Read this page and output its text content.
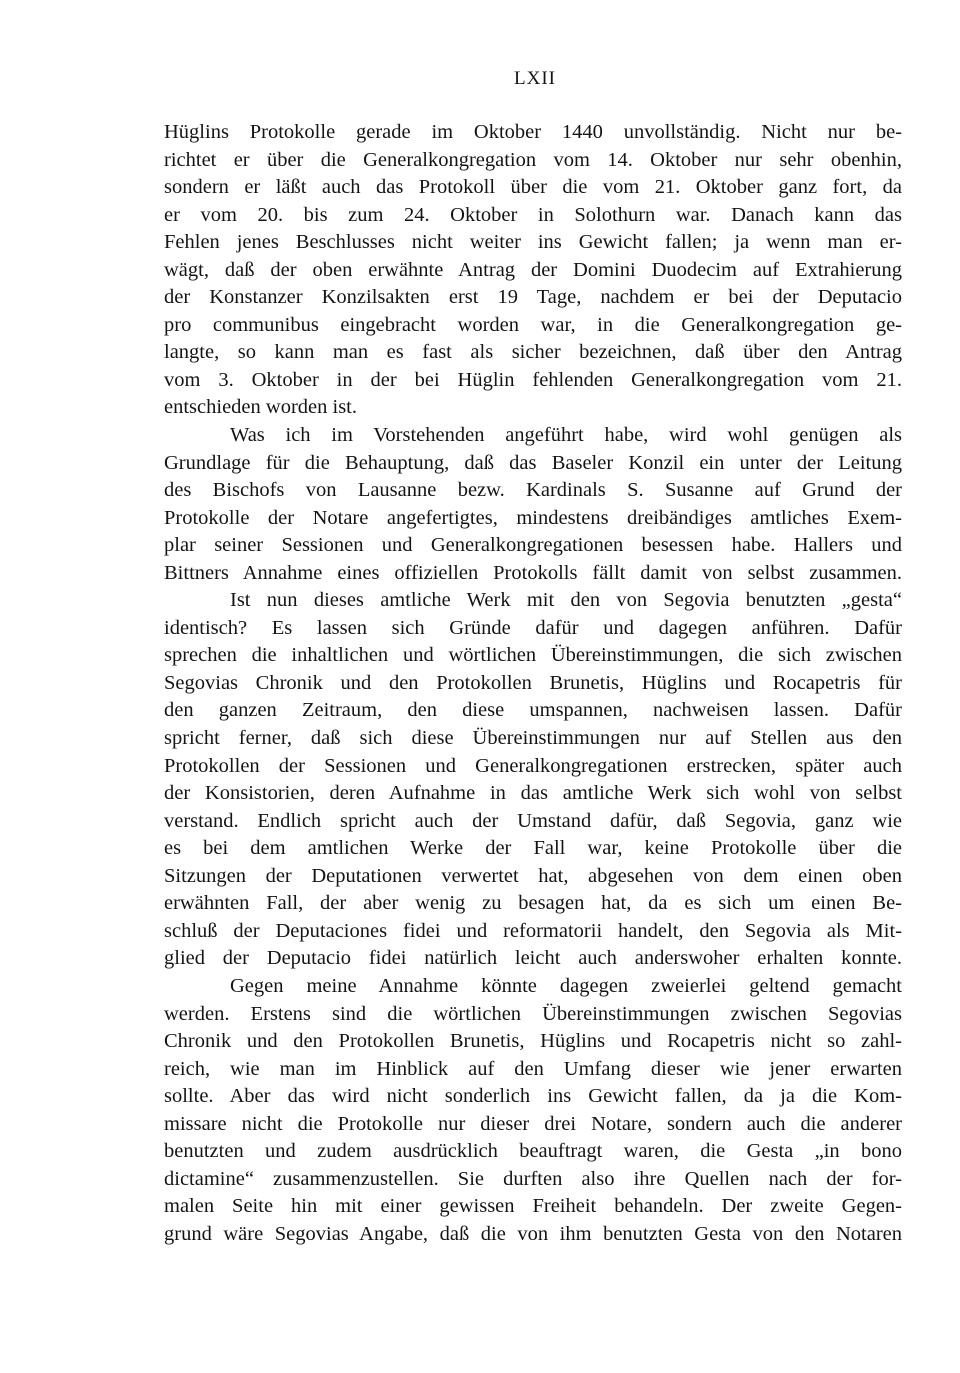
LXII
Hüglins Protokolle gerade im Oktober 1440 unvollständig. Nicht nur be-
richtet er über die Generalkongregation vom 14. Oktober nur sehr obenhin,
sondern er läßt auch das Protokoll über die vom 21. Oktober ganz fort, da
er vom 20. bis zum 24. Oktober in Solothurn war. Danach kann das
Fehlen jenes Beschlusses nicht weiter ins Gewicht fallen; ja wenn man er-
wägt, daß der oben erwähnte Antrag der Domini Duodecim auf Extrahierung
der Konstanzer Konzilsakten erst 19 Tage, nachdem er bei der Deputacio
pro communibus eingebracht worden war, in die Generalkongregation ge-
langte, so kann man es fast als sicher bezeichnen, daß über den Antrag
vom 3. Oktober in der bei Hüglin fehlenden Generalkongregation vom 21.
entschieden worden ist.
Was ich im Vorstehenden angeführt habe, wird wohl genügen als
Grundlage für die Behauptung, daß das Baseler Konzil ein unter der Leitung
des Bischofs von Lausanne bezw. Kardinals S. Susanne auf Grund der
Protokolle der Notare angefertigtes, mindestens dreibändiges amtliches Exem-
plar seiner Sessionen und Generalkongregationen besessen habe. Hallers und
Bittners Annahme eines offiziellen Protokolls fällt damit von selbst zusammen.
Ist nun dieses amtliche Werk mit den von Segovia benutzten „gesta“
identisch? Es lassen sich Gründe dafür und dagegen anführen. Dafür
sprechen die inhaltlichen und wörtlichen Übereinstimmungen, die sich zwischen
Segovias Chronik und den Protokollen Brunetis, Hüglins und Rocapetris für
den ganzen Zeitraum, den diese umspannen, nachweisen lassen. Dafür
spricht ferner, daß sich diese Übereinstimmungen nur auf Stellen aus den
Protokollen der Sessionen und Generalkongregationen erstrecken, später auch
der Konsistorien, deren Aufnahme in das amtliche Werk sich wohl von selbst
verstand. Endlich spricht auch der Umstand dafür, daß Segovia, ganz wie
es bei dem amtlichen Werke der Fall war, keine Protokolle über die
Sitzungen der Deputationen verwertet hat, abgesehen von dem einen oben
erwähnten Fall, der aber wenig zu besagen hat, da es sich um einen Be-
schluß der Deputaciones fidei und reformatorii handelt, den Segovia als Mit-
glied der Deputacio fidei natürlich leicht auch anderswoher erhalten konnte.
Gegen meine Annahme könnte dagegen zweierlei geltend gemacht
werden. Erstens sind die wörtlichen Übereinstimmungen zwischen Segovias
Chronik und den Protokollen Brunetis, Hüglins und Rocapetris nicht so zahl-
reich, wie man im Hinblick auf den Umfang dieser wie jener erwarten
sollte. Aber das wird nicht sonderlich ins Gewicht fallen, da ja die Kom-
missare nicht die Protokolle nur dieser drei Notare, sondern auch die anderer
benutzten und zudem ausdrücklich beauftragt waren, die Gesta „in bono
dictamine“ zusammenzustellen. Sie durften also ihre Quellen nach der for-
malen Seite hin mit einer gewissen Freiheit behandeln. Der zweite Gegen-
grund wäre Segovias Angabe, daß die von ihm benutzten Gesta von den Notaren
